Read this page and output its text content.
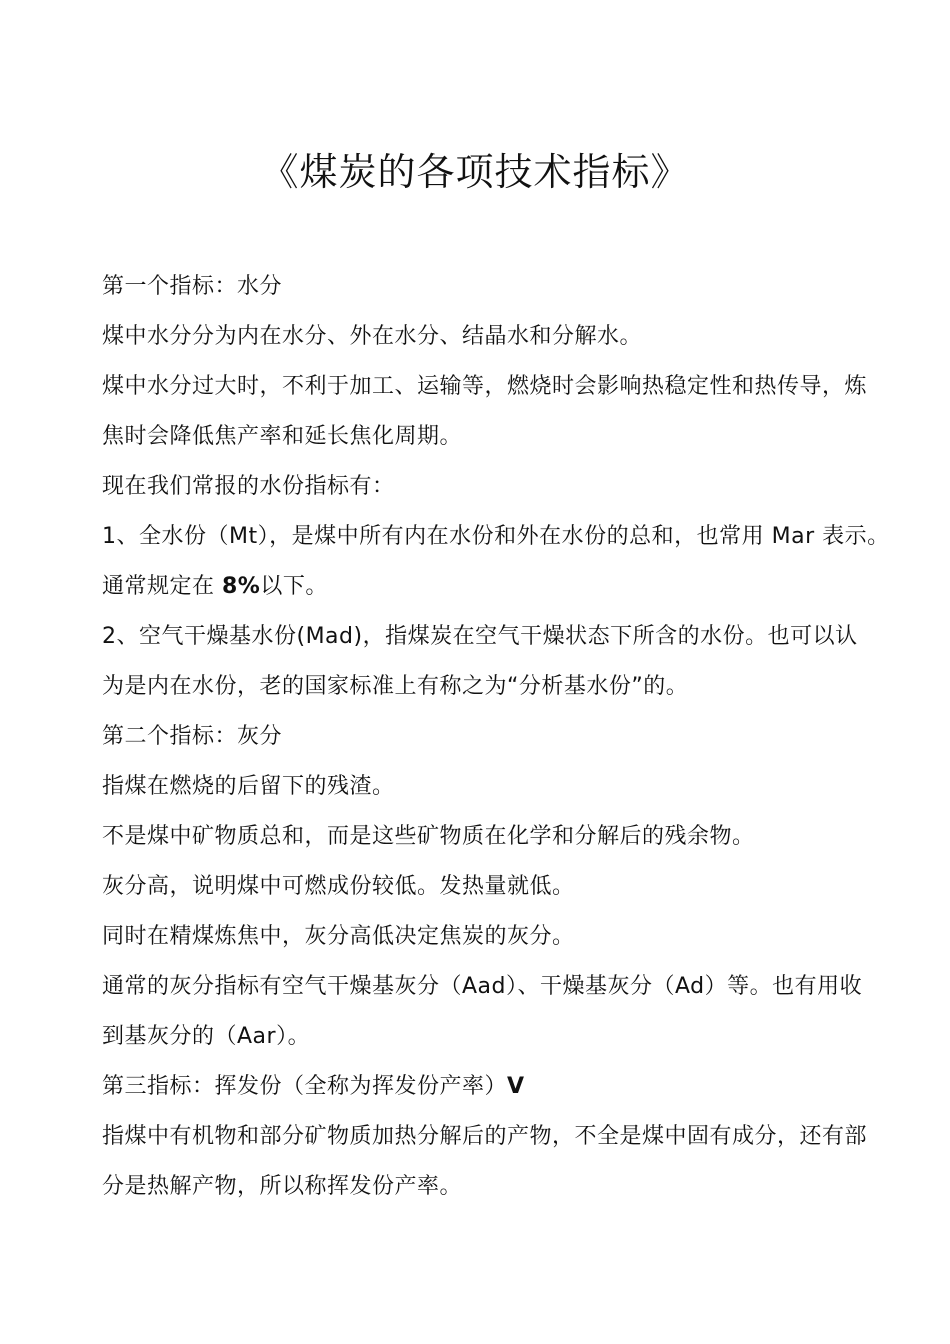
《煤炭的各项技术指标》
第一个指标：水分
煤中水分分为内在水分、外在水分、结晶水和分解水。
煤中水分过大时，不利于加工、运输等，燃烧时会影响热稳定性和热传导，炼
焦时会降低焦产率和延长焦化周期。
现在我们常报的水份指标有：
1、全水份（Mt），是煤中所有内在水份和外在水份的总和，也常用 Mar 表示。
通常规定在 8%以下。
2、空气干燥基水份(Mad)，指煤炭在空气干燥状态下所含的水份。也可以认
为是内在水份，老的国家标准上有称之为“分析基水份”的。
第二个指标：灰分
指煤在燃烧的后留下的残渣。
不是煤中矿物质总和，而是这些矿物质在化学和分解后的残余物。
灰分高，说明煤中可燃成份较低。发热量就低。
同时在精煤炼焦中，灰分高低决定焦炭的灰分。
通常的灰分指标有空气干燥基灰分（Aad）、干燥基灰分（Ad）等。也有用收
到基灰分的（Aar）。
第三指标：挥发份（全称为挥发份产率）V
指煤中有机物和部分矿物质加热分解后的产物，不全是煤中固有成分，还有部
分是热解产物，所以称挥发份产率。
